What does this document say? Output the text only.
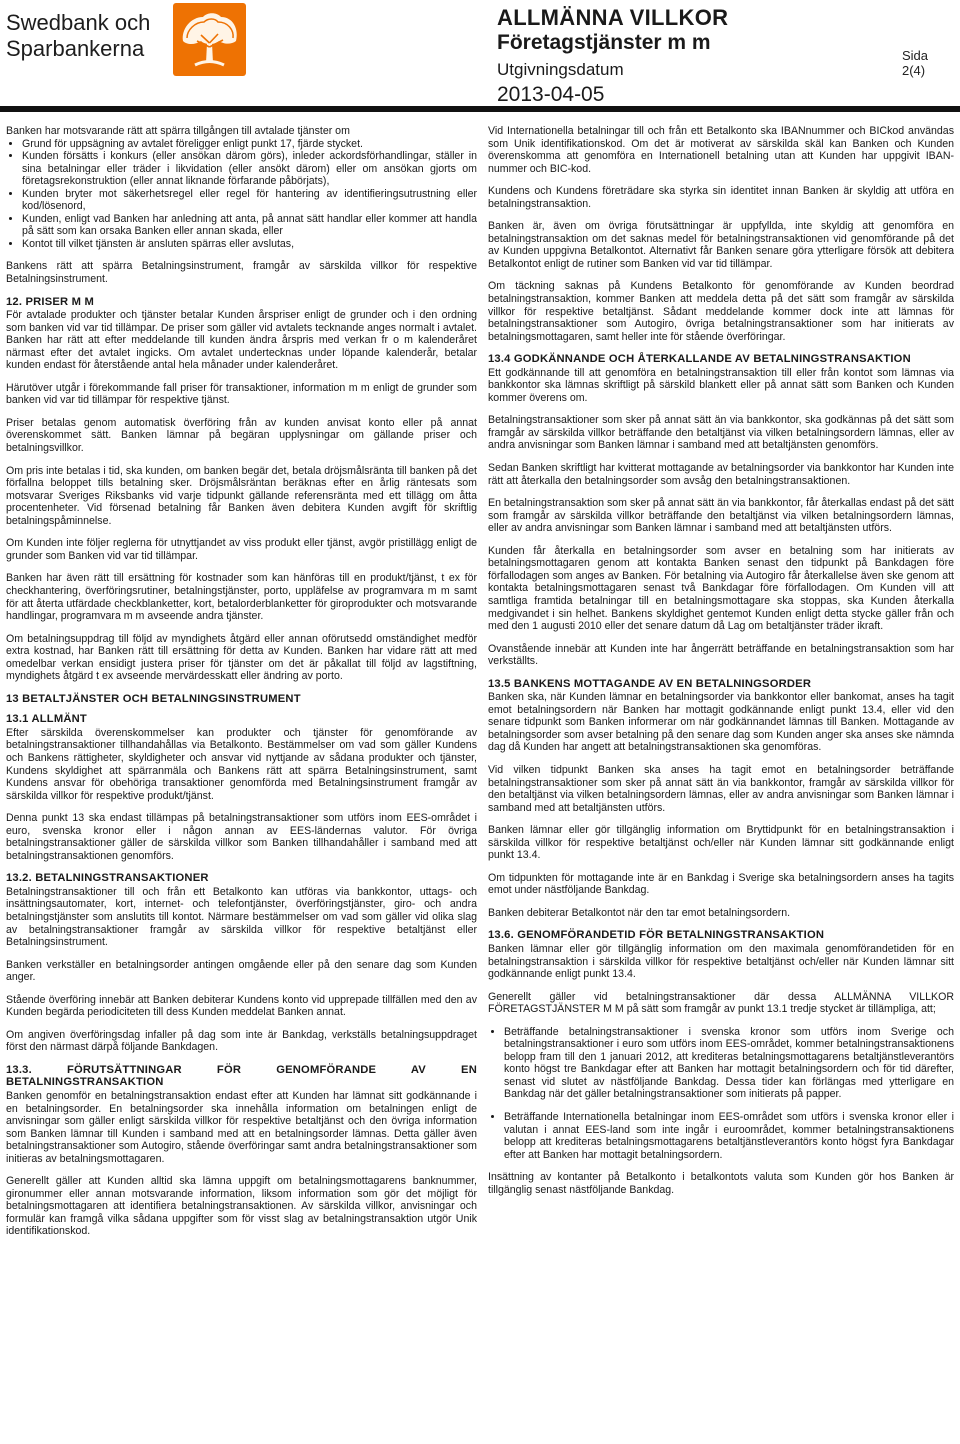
Swedbank och
Sparbankerna
ALLMÄNNA VILLKOR
Företagstjänster m m
Utgivningsdatum
2013-04-05
Sida
2(4)

Banken har motsvarande rätt att spärra tillgången till avtalade tjänster om

• Grund för uppsägning av avtalet föreligger enligt punkt 17, fjärde stycket.
• Kunden försätts i konkurs (eller ansökan därom görs), inleder ackordsförhandlingar, ställer in sina betalningar eller träder i likvidation (eller ansökt därom) eller om ansökan gjorts om företagsrekonstruktion (eller annat liknande förfarande påbörjats),
• Kunden bryter mot säkerhetsregel eller regel för hantering av identifieringsutrustning eller kod/lösenord,
• Kunden, enligt vad Banken har anledning att anta, på annat sätt handlar eller kommer att handla på sätt som kan orsaka Banken eller annan skada, eller
• Kontot till vilket tjänsten är ansluten spärras eller avslutas,

Bankens rätt att spärra Betalningsinstrument, framgår av särskilda villkor för respektive Betalningsinstrument.

12. PRISER M M

För avtalade produkter och tjänster betalar Kunden årspriser enligt de grunder och i den ordning som banken vid var tid tillämpar. De priser som gäller vid avtalets tecknande anges normalt i avtalet. Banken har rätt att efter meddelande till kunden ändra årspris med verkan fr o m kalenderåret närmast efter det avtalet ingicks. Om avtalet undertecknas under löpande kalenderår, betalar kunden endast för återstående antal hela månader under kalenderåret.

Härutöver utgår i förekommande fall priser för transaktioner, information m m enligt de grunder som banken vid var tid tillämpar för respektive tjänst.

Priser betalas genom automatisk överföring från av kunden anvisat konto eller på annat överenskommet sätt. Banken lämnar på begäran upplysningar om gällande priser och betalningsvillkor.

Om pris inte betalas i tid, ska kunden, om banken begär det, betala dröjsmålsränta till banken på det förfallna beloppet tills betalning sker. Dröjsmålsräntan beräknas efter en årlig räntesats som motsvarar Sveriges Riksbanks vid varje tidpunkt gällande referensränta med ett tillägg om åtta procentenheter. Vid försenad betalning får Banken även debitera Kunden avgift för skriftlig betalningspåminnelse.

Om Kunden inte följer reglerna för utnyttjandet av viss produkt eller tjänst, avgör pristillägg enligt de grunder som Banken vid var tid tillämpar.

Banken har även rätt till ersättning för kostnader som kan hänföras till en produkt/tjänst, t ex för checkhantering, överföringsrutiner, betalningstjänster, porto, uppläfelse av programvara m m samt för att återta utfärdade checkblanketter, kort, betalorderblanketter för giroprodukter och motsvarande handlingar, programvara m m avseende andra tjänster.

Om betalningsuppdrag till följd av myndighets åtgärd eller annan oförutsedd omständighet medför extra kostnad, har Banken rätt till ersättning för detta av Kunden. Banken har vidare rätt att med omedelbar verkan ensidigt justera priser för tjänster om det är påkallat till följd av lagstiftning, myndighets åtgärd t ex avseende mervärdesskatt eller ändring av porto.

13 BETALTJÄNSTER OCH BETALNINGSINSTRUMENT
13.1 ALLMÄNT

Efter särskilda överenskommelser kan produkter och tjänster för genomförande av betalningstransaktioner tillhandahållas via Betalkonto. Bestämmelser om vad som gäller Kundens och Bankens rättigheter, skyldigheter och ansvar vid nyttjande av sådana produkter och tjänster, Kundens skyldighet att spärranmäla och Bankens rätt att spärra Betalningsinstrument, samt Kundens ansvar för obehöriga transaktioner genomförda med Betalningsinstrument framgår av särskilda villkor för respektive produkt/tjänst.

Denna punkt 13 ska endast tillämpas på betalningstransaktioner som utförs inom EES-området i euro, svenska kronor eller i någon annan av EES-ländernas valutor. För övriga betalningstransaktioner gäller de särskilda villkor som Banken tillhandahåller i samband med att betalningstransaktionen genomförs.

13.2. BETALNINGSTRANSAKTIONER

Betalningstransaktioner till och från ett Betalkonto kan utföras via bankkontor, uttags- och insättningsautomater, kort, internet- och telefontjänster, överföringstjänster, giro- och andra betalningstjänster som anslutits till kontot. Närmare bestämmelser om vad som gäller vid olika slag av betalningstransaktioner framgår av särskilda villkor för respektive betaltjänst eller Betalningsinstrument.

Banken verkställer en betalningsorder antingen omgående eller på den senare dag som Kunden anger.

Stående överföring innebär att Banken debiterar Kundens konto vid upprepade tillfällen med den av Kunden begärda periodiciteten till dess Kunden meddelat Banken annat.

Om angiven överföringsdag infaller på dag som inte är Bankdag, verkställs betalningsuppdraget först den närmast därpå följande Bankdagen.

13.3. FÖRUTSÄTTNINGAR FÖR GENOMFÖRANDE AV EN BETALNINGSTRANSAKTION

Banken genomför en betalningstransaktion endast efter att Kunden har lämnat sitt godkännande i en betalningsorder. En betalningsorder ska innehålla information om betalningen enligt de anvisningar som gäller enligt särskilda villkor för respektive betaltjänst och den övriga information som Banken lämnar till Kunden i samband med att en betalningsorder lämnas. Detta gäller även betalningstransaktioner som Autogiro, stående överföringar samt andra betalningstransaktioner som initieras av betalningsmottagaren.

Generellt gäller att Kunden alltid ska lämna uppgift om betalningsmottagarens banknummer, gironummer eller annan motsvarande information, liksom information som gör det möjligt för betalningsmottagaren att identifiera betalningstransaktionen. Av särskilda villkor, anvisningar och formulär kan framgå vilka sådana uppgifter som för visst slag av betalningstransaktion utgör Unik identifikationskod.

Vid Internationella betalningar till och från ett Betalkonto ska IBANnummer och BICkod användas som Unik identifikationskod. Om det är motiverat av särskilda skäl kan Banken och Kunden överenskomma att genomföra en Internationell betalning utan att Kunden har uppgivit IBAN-nummer och BIC-kod.

Kundens och Kundens företrädare ska styrka sin identitet innan Banken är skyldig att utföra en betalningstransaktion.

Banken är, även om övriga förutsättningar är uppfyllda, inte skyldig att genomföra en betalningstransaktion om det saknas medel för betalningstransaktionen vid genomförande på det av Kunden uppgivna Betalkontot. Alternativt får Banken senare göra ytterligare försök att debitera Betalkontot enligt de rutiner som Banken vid var tid tillämpar.

Om täckning saknas på Kundens Betalkonto för genomförande av Kunden beordrad betalningstransaktion, kommer Banken att meddela detta på det sätt som framgår av särskilda villkor för respektive betaltjänst. Sådant meddelande kommer dock inte att lämnas för betalningstransaktioner som Autogiro, övriga betalningstransaktioner som har initierats av betalningsmottagaren, samt heller inte för stående överföringar.

13.4 GODKÄNNANDE OCH ÅTERKALLANDE AV BETALNINGSTRANSAKTION

Ett godkännande till att genomföra en betalningstransaktion till eller från kontot som lämnas via bankkontor ska lämnas skriftligt på särskild blankett eller på annat sätt som Banken och Kunden kommer överens om.

Betalningstransaktioner som sker på annat sätt än via bankkontor, ska godkännas på det sätt som framgår av särskilda villkor beträffande den betaltjänst via vilken betalningsordern lämnas, eller av andra anvisningar som Banken lämnar i samband med att betaltjänsten genomförs.

Sedan Banken skriftligt har kvitterat mottagande av betalningsorder via bankkontor har Kunden inte rätt att återkalla den betalningsorder som avsåg den betalningstransaktionen.

En betalningstransaktion som sker på annat sätt än via bankkontor, får återkallas endast på det sätt som framgår av särskilda villkor beträffande den betaltjänst via vilken betalningsordern lämnas, eller av andra anvisningar som Banken lämnar i samband med att betaltjänsten utförs.

Kunden får återkalla en betalningsorder som avser en betalning som har initierats av betalningsmottagaren genom att kontakta Banken senast den tidpunkt på Bankdagen före förfallodagen som anges av Banken. För betalning via Autogiro får återkallelse även ske genom att kontakta betalningsmottagaren senast två Bankdagar före förfallodagen. Om Kunden vill att samtliga framtida betalningar till en betalningsmottagare ska stoppas, ska Kunden återkalla medgivandet i sin helhet. Bankens skyldighet gentemot Kunden enligt detta stycke gäller från och med den 1 augusti 2010 eller det senare datum då Lag om betaltjänster träder ikraft.

Ovanstående innebär att Kunden inte har ångerrätt beträffande en betalningstransaktion som har verkställts.

13.5 BANKENS MOTTAGANDE AV EN BETALNINGSORDER

Banken ska, när Kunden lämnar en betalningsorder via bankkontor eller bankomat, anses ha tagit emot betalningsordern när Banken har mottagit godkännande enligt punkt 13.4, eller vid den senare tidpunkt som Banken informerar om när godkännandet lämnas till Banken. Mottagande av betalningsorder som avser betalning på den senare dag som Kunden anger ska anses ske nämnda dag då Kunden har angett att betalningstransaktionen ska genomföras.

Vid vilken tidpunkt Banken ska anses ha tagit emot en betalningsorder beträffande betalningstransaktioner som sker på annat sätt än via bankkontor, framgår av särskilda villkor för den betaltjänst via vilken betalningsordern lämnas, eller av andra anvisningar som Banken lämnar i samband med att betaltjänsten utförs.

Banken lämnar eller gör tillgänglig information om Bryttidpunkt för en betalningstransaktion i särskilda villkor för respektive betaltjänst och/eller när Kunden lämnar sitt godkännande enligt punkt 13.4.

Om tidpunkten för mottagande inte är en Bankdag i Sverige ska betalningsordern anses ha tagits emot under nästföljande Bankdag.

Banken debiterar Betalkontot när den tar emot betalningsordern.

13.6. GENOMFÖRANDETID FÖR BETALNINGSTRANSAKTION

Banken lämnar eller gör tillgänglig information om den maximala genomförandetiden för en betalningstransaktion i särskilda villkor för respektive betaltjänst och/eller när Kunden lämnar sitt godkännande enligt punkt 13.4.

Generellt gäller vid betalningstransaktioner där dessa ALLMÄNNA VILLKOR FÖRETAGSTJÄNSTER M M på sätt som framgår av punkt 13.1 tredje stycket är tillämpliga, att;

• Beträffande betalningstransaktioner i svenska kronor som utförs inom Sverige och betalningstransaktioner i euro som utförs inom EES-området, kommer betalningstransaktionens belopp fram till den 1 januari 2012, att krediteras betalningsmottagarens betaltjänstleverantörs konto högst tre Bankdagar efter att Banken har mottagit betalningsordern och för tid därefter, senast vid slutet av nästföljande Bankdag. Dessa tider kan förlängas med ytterligare en Bankdag när det gäller betalningstransaktioner som initierats på papper.
• Beträffande Internationella betalningar inom EES-området som utförs i svenska kronor eller i valutan i annat EES-land som inte ingår i euroområdet, kommer betalningstransaktionens belopp att krediteras betalningsmottagarens betaltjänstleverantörs konto högst fyra Bankdagar efter att Banken har mottagit betalningsordern.

Insättning av kontanter på Betalkonto i betalkontots valuta som Kunden gör hos Banken är tillgänglig senast nästföljande Bankdag.
